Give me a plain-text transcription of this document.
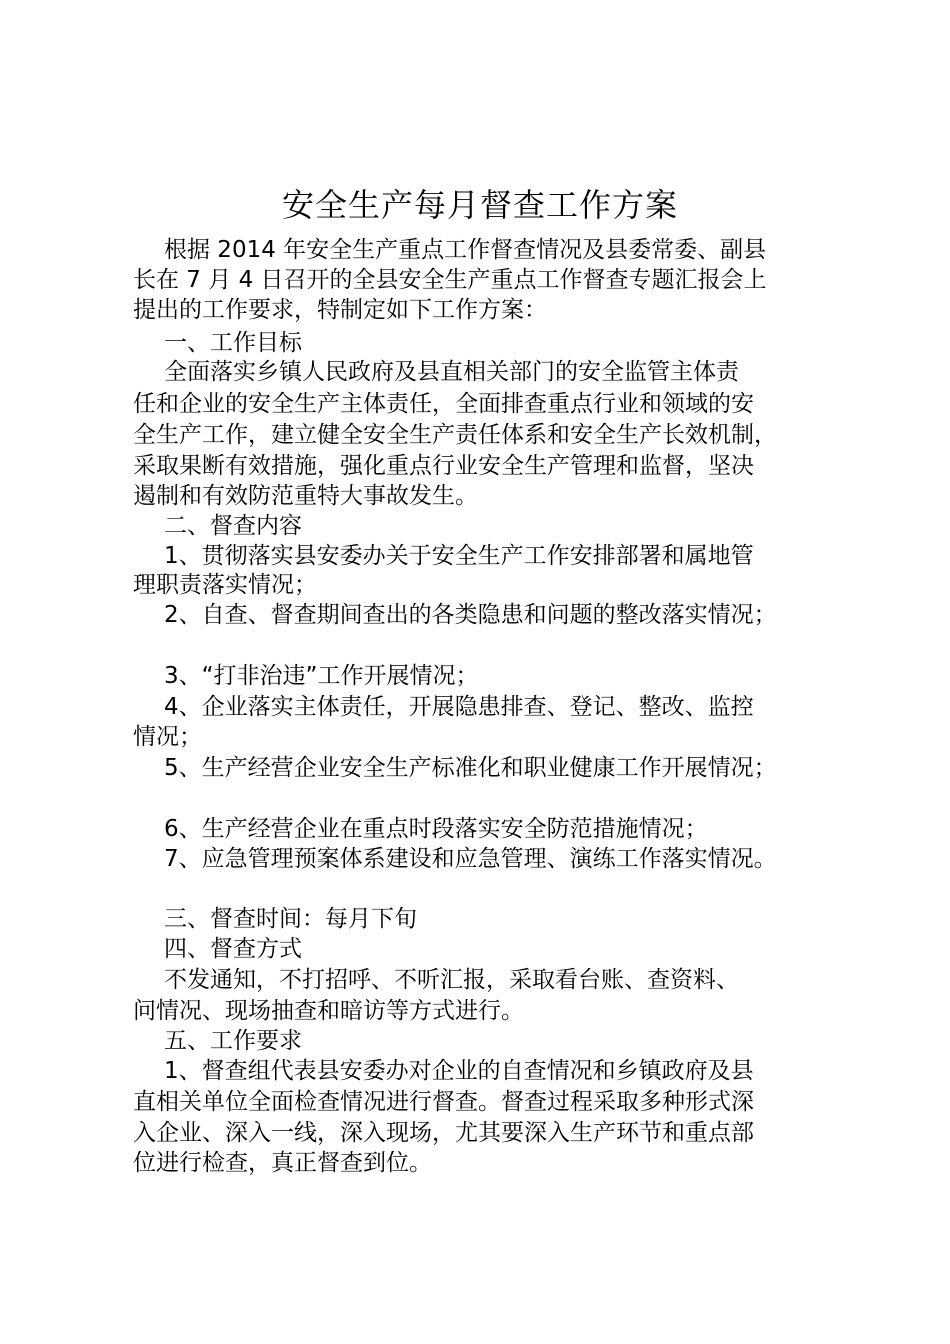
安全生产每月督查工作方案
根据 2014 年安全生产重点工作督查情况及县委常委、副县
长在 7 月 4 日召开的全县安全生产重点工作督查专题汇报会上
提出的工作要求，特制定如下工作方案：
一、工作目标
全面落实乡镇人民政府及县直相关部门的安全监管主体责
任和企业的安全生产主体责任，全面排查重点行业和领域的安
全生产工作，建立健全安全生产责任体系和安全生产长效机制，
采取果断有效措施，强化重点行业安全生产管理和监督，坚决
遏制和有效防范重特大事故发生。
二、督查内容
1、贯彻落实县安委办关于安全生产工作安排部署和属地管
理职责落实情况；
2、自查、督查期间查出的各类隐患和问题的整改落实情况；
3、“打非治违”工作开展情况；
4、企业落实主体责任，开展隐患排查、登记、整改、监控
情况；
5、生产经营企业安全生产标准化和职业健康工作开展情况；
6、生产经营企业在重点时段落实安全防范措施情况；
7、应急管理预案体系建设和应急管理、演练工作落实情况。
三、督查时间：每月下旬
四、督查方式
不发通知，不打招呼、不听汇报，采取看台账、查资料、
问情况、现场抽查和暗访等方式进行。
五、工作要求
1、督查组代表县安委办对企业的自查情况和乡镇政府及县
直相关单位全面检查情况进行督查。督查过程采取多种形式深
入企业、深入一线，深入现场，尤其要深入生产环节和重点部
位进行检查，真正督查到位。
